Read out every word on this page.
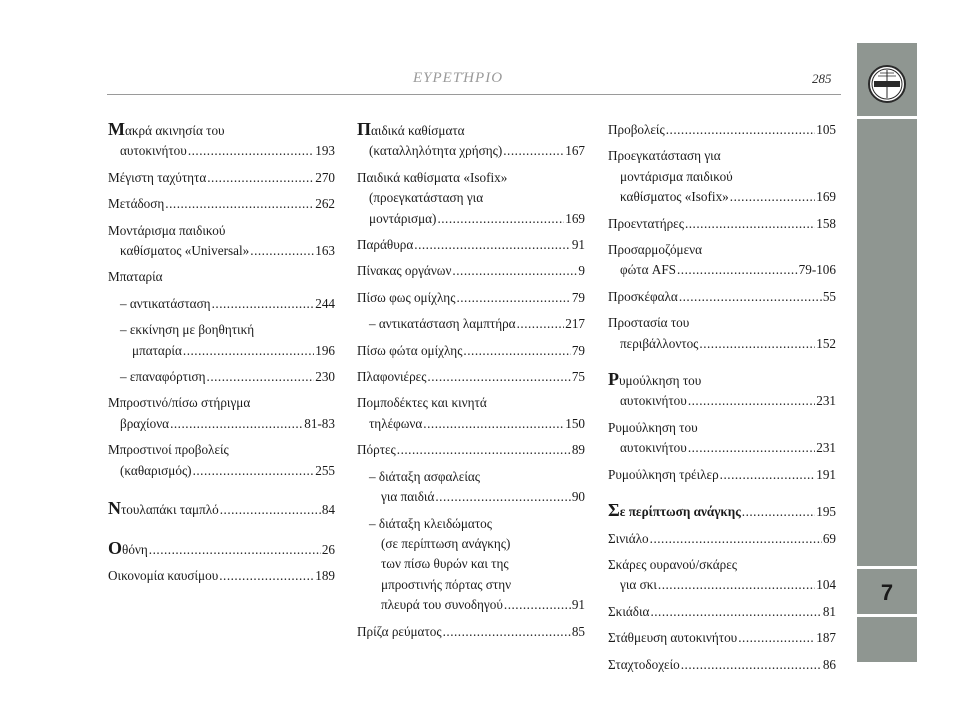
ΕΥΡΕΤΉΡΙΟ	285
7
Μακρά ακινησία του
αυτοκινήτου .....	193
Μέγιστη ταχύτητα .....	270
Μετάδοση .....	262
Μοντάρισμα παιδικού
καθίσματος «Universal» .....	163
Μπαταρία
– αντικατάσταση .....	244
– εκκίνηση με βοηθητική
μπαταρία .....	196
– επαναφόρτιση .....	230
Μπροστινό/πίσω στήριγμα
βραχίονα .....	81-83
Μπροστινοί προβολείς
(καθαρισμός) .....	255
Ν τουλαπάκι ταμπλό .....	84
Ο θόνη .....	26
Οικονομία καυσίμου .....	189
Παιδικά καθίσματα
(καταλληλότητα χρήσης) .....	167
Παιδικά καθίσματα «Isofix»
(προεγκατάσταση για
μοντάρισμα) .....	169
Παράθυρα .....	91
Πίνακας οργάνων .....	9
Πίσω φως ομίχλης .....	79
– αντικατάσταση λαμπτήρα .....	217
Πίσω φώτα ομίχλης .....	79
Πλαφονιέρες .....	75
Πομποδέκτες και κινητά
τηλέφωνα .....	150
Πόρτες .....	89
– διάταξη ασφαλείας
για παιδιά .....	90
– διάταξη κλειδώματος
(σε περίπτωση ανάγκης)
των πίσω θυρών και της
μπροστινής πόρτας στην
πλευρά του συνοδηγού .....	91
Πρίζα ρεύματος .....	85
Προβολείς .....	105
Προεγκατάσταση για
μοντάρισμα παιδικού
καθίσματος «Isofix» .....	169
Προεντατήρες .....	158
Προσαρμοζόμενα
φώτα AFS .....	79-106
Προσκέφαλα .....	55
Προστασία του
περιβάλλοντος .....	152
Ρυμούλκηση του
αυτοκινήτου .....	231
Ρυμούλκηση του
αυτοκινήτου .....	231
Ρυμούλκηση τρέιλερ .....	191
Σ ε περίπτωση ανάγκης .....	195
Σινιάλο .....	69
Σκάρες ουρανού/σκάρες
για σκι .....	104
Σκιάδια .....	81
Στάθμευση αυτοκινήτου .....	187
Σταχτοδοχείο .....	86
